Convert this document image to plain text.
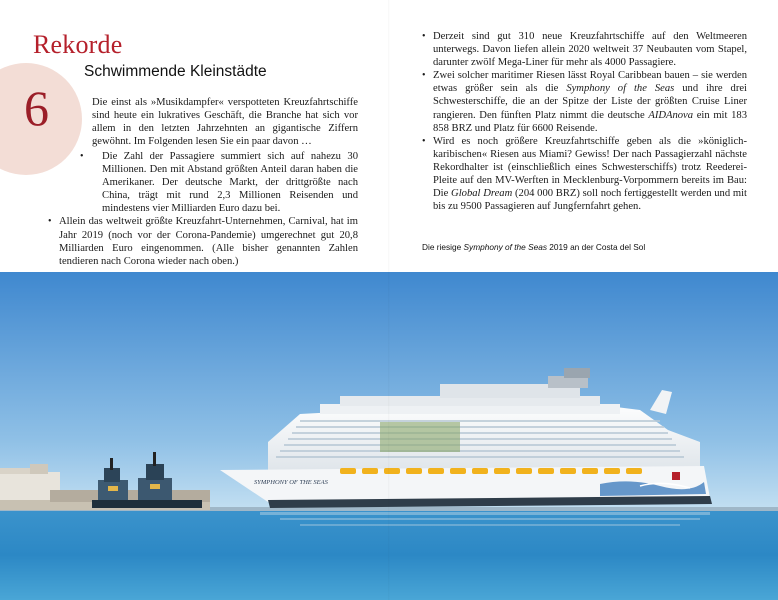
Rekorde
6
Schwimmende Kleinstädte

Die einst als »Musikdampfer« verspotteten Kreuzfahrtschiffe sind heute ein lukratives Geschäft, die Branche hat sich vor allem in den letzten Jahrzehnten an gigantische Ziffern gewöhnt. Im Folgenden lesen Sie ein paar davon …

• Die Zahl der Passagiere summiert sich auf nahezu 30 Millionen. Den mit Abstand größten Anteil daran haben die Amerikaner. Der deutsche Markt, der drittgrößte nach China, trägt mit rund 2,3 Millionen Reisenden und mindestens vier Milliarden Euro dazu bei.
• Allein das weltweit größte Kreuzfahrt-Unternehmen, Carnival, hat im Jahr 2019 (noch vor der Corona-Pandemie) umgerechnet gut 20,8 Milliarden Euro eingenommen. (Alle bisher genannten Zahlen tendieren nach Corona wieder nach oben.)
• Derzeit sind gut 310 neue Kreuzfahrtschiffe auf den Weltmeeren unterwegs. Davon liefen allein 2020 weltweit 37 Neubauten vom Stapel, darunter zwölf Mega-Liner für mehr als 4000 Passagiere.
• Zwei solcher maritimer Riesen lässt Royal Caribbean bauen – sie werden etwas größer sein als die Symphony of the Seas und ihre drei Schwesterschiffe, die an der Spitze der Liste der größten Cruise Liner rangieren. Den fünften Platz nimmt die deutsche AIDAnova ein mit 183 858 BRZ und Platz für 6600 Reisende.
• Wird es noch größere Kreuzfahrtschiffe geben als die »königlich-karibischen« Riesen aus Miami? Gewiss! Der nach Passagierzahl nächste Rekordhalter ist (einschließlich eines Schwesterschiffs) trotz Reederei-Pleite auf den MV-Werften in Mecklenburg-Vorpommern bereits im Bau: Die Global Dream (204 000 BRZ) soll noch fertiggestellt werden und mit bis zu 9500 Passagieren auf Jungfernfahrt gehen.
Die riesige Symphony of the Seas 2019 an der Costa del Sol
SYMPHONY OF THE SEAS
